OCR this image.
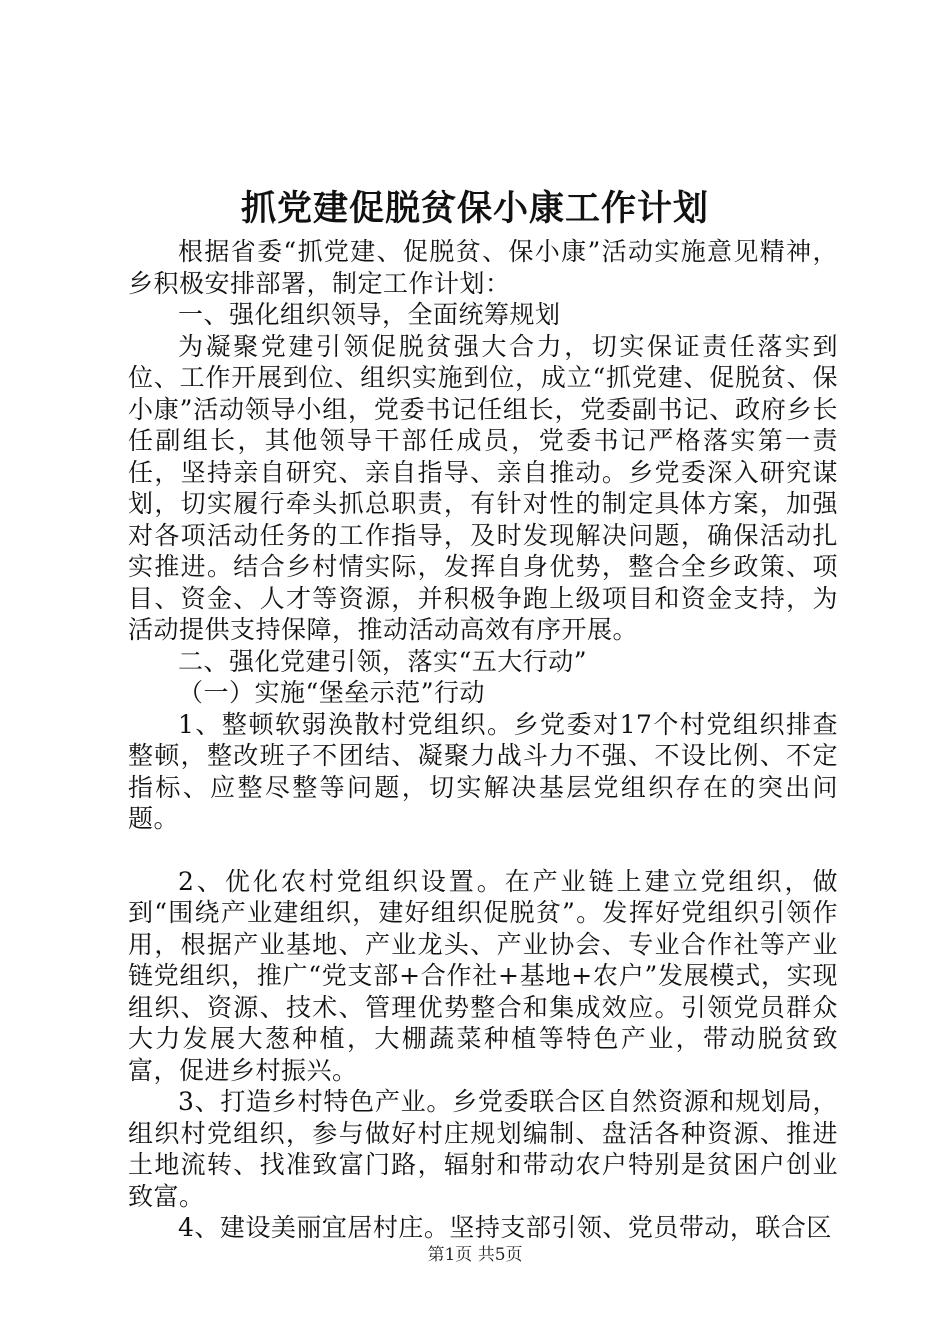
抓党建促脱贫保小康工作计划

根据省委“抓党建、促脱贫、保小康”活动实施意见精神，乡积极安排部署，制定工作计划：

一、强化组织领导，全面统筹规划

为凝聚党建引领促脱贫强大合力，切实保证责任落实到位、工作开展到位、组织实施到位，成立“抓党建、促脱贫、保小康”活动领导小组，党委书记任组长，党委副书记、政府乡长任副组长，其他领导干部任成员，党委书记严格落实第一责任，坚持亲自研究、亲自指导、亲自推动。乡党委深入研究谋划，切实履行牵头抓总职责，有针对性的制定具体方案，加强对各项活动任务的工作指导，及时发现解决问题，确保活动扎实推进。结合乡村情实际，发挥自身优势，整合全乡政策、项目、资金、人才等资源，并积极争跑上级项目和资金支持，为活动提供支持保障，推动活动高效有序开展。

二、强化党建引领，落实“五大行动”

（一）实施“堡垒示范”行动

1、整顿软弱涣散村党组织。乡党委对17个村党组织排查整顿，整改班子不团结、凝聚力战斗力不强、不设比例、不定指标、应整尽整等问题，切实解决基层党组织存在的突出问题。

2、优化农村党组织设置。在产业链上建立党组织，做到“围绕产业建组织，建好组织促脱贫”。发挥好党组织引领作用，根据产业基地、产业龙头、产业协会、专业合作社等产业链党组织，推广“党支部+合作社+基地+农户”发展模式，实现组织、资源、技术、管理优势整合和集成效应。引领党员群众大力发展大葱种植，大棚蔬菜种植等特色产业，带动脱贫致富，促进乡村振兴。

3、打造乡村特色产业。乡党委联合区自然资源和规划局，组织村党组织，参与做好村庄规划编制、盘活各种资源、推进土地流转、找准致富门路，辐射和带动农户特别是贫困户创业致富。

4、建设美丽宜居村庄。坚持支部引领、党员带动，联合区

第1页 共5页
